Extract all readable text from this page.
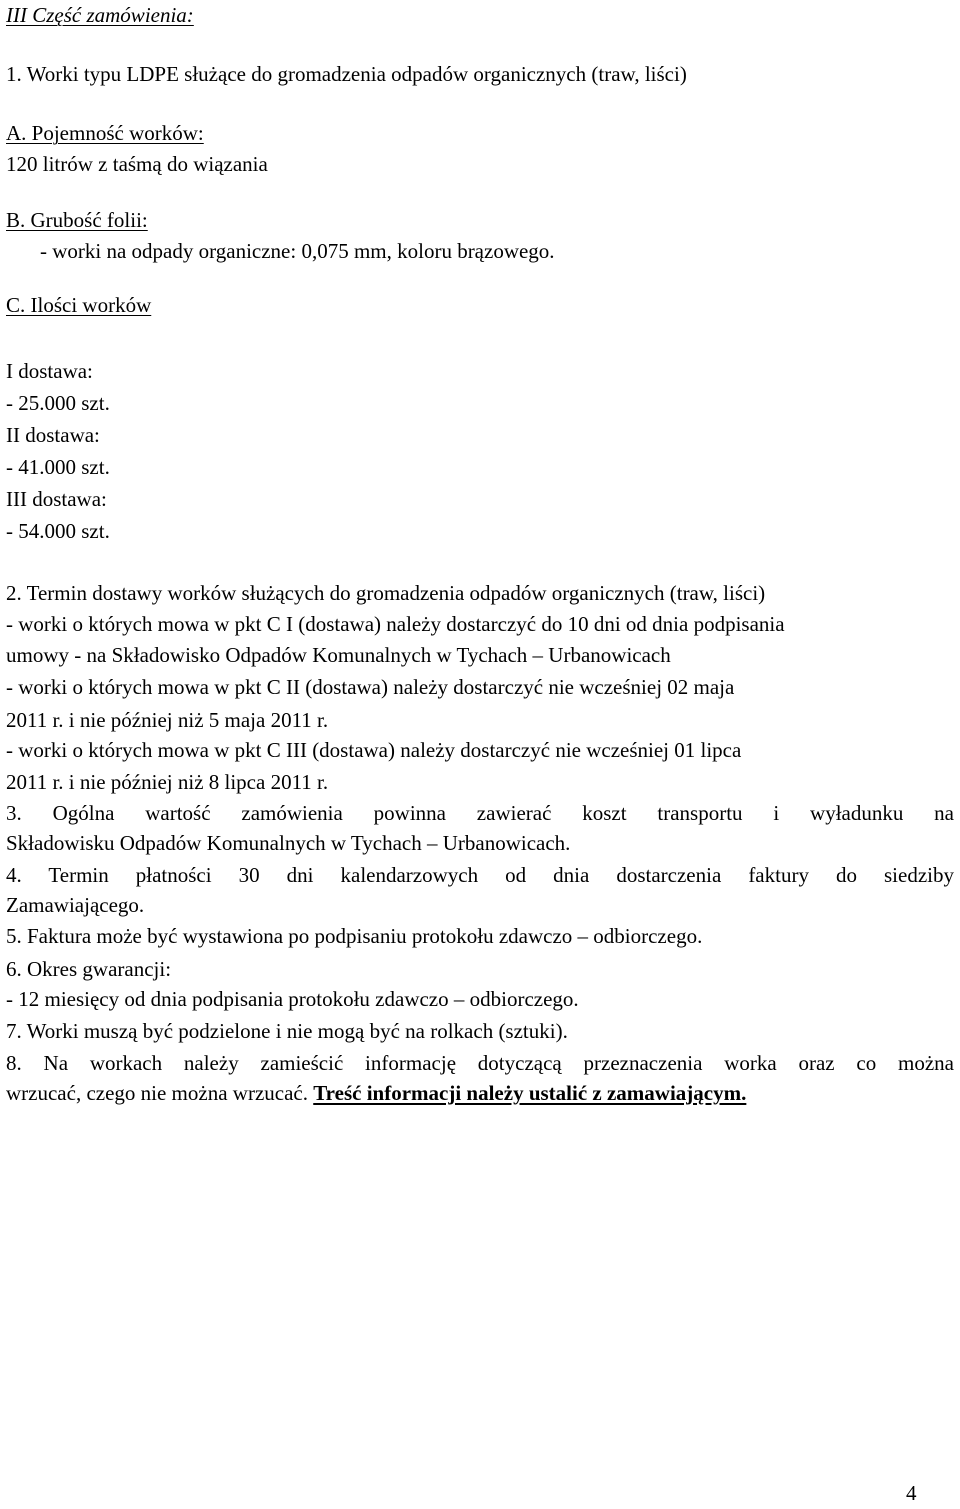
III Część zamówienia:
1. Worki typu LDPE służące do gromadzenia odpadów organicznych (traw, liści)
A. Pojemność worków:
120 litrów z taśmą do wiązania
B. Grubość folii:
- worki na odpady organiczne: 0,075 mm, koloru brązowego.
C. Ilości worków
I dostawa:
- 25.000 szt.
II dostawa:
- 41.000 szt.
III dostawa:
- 54.000 szt.
2. Termin dostawy worków służących do gromadzenia odpadów organicznych (traw, liści)
- worki o których mowa w pkt C I (dostawa) należy dostarczyć do 10 dni od dnia podpisania
umowy - na Składowisko Odpadów Komunalnych w Tychach – Urbanowicach
- worki o których mowa w pkt C II (dostawa) należy dostarczyć nie wcześniej 02 maja
2011 r. i nie później niż 5 maja 2011 r.
- worki o których mowa w pkt C III (dostawa) należy dostarczyć nie wcześniej 01 lipca
2011 r. i nie później niż 8 lipca 2011 r.
3. Ogólna wartość zamówienia powinna zawierać koszt transportu i wyładunku na
Składowisku Odpadów Komunalnych w Tychach – Urbanowicach.
4. Termin płatności 30 dni kalendarzowych od dnia dostarczenia faktury do siedziby
Zamawiającego.
5. Faktura może być wystawiona po podpisaniu protokołu zdawczo – odbiorczego.
6. Okres gwarancji:
- 12 miesięcy od dnia podpisania protokołu zdawczo – odbiorczego.
7. Worki muszą być podzielone i nie mogą być na rolkach (sztuki).
8. Na workach należy zamieścić informację dotyczącą przeznaczenia worka oraz co można
wrzucać, czego nie można wrzucać. Treść informacji należy ustalić z zamawiającym.
4
